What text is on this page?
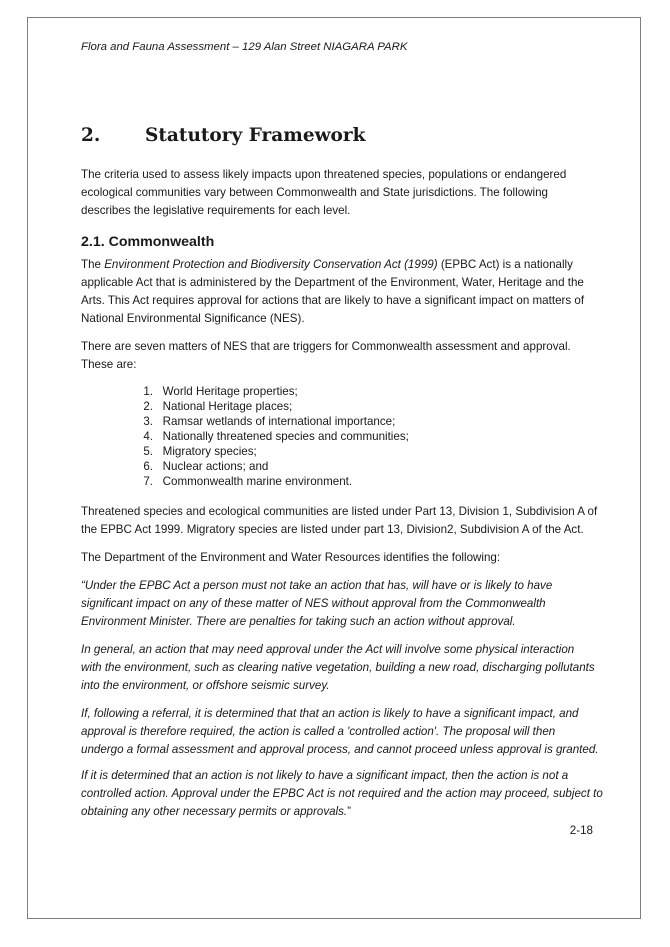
Flora and Fauna Assessment – 129 Alan Street NIAGARA PARK
2. Statutory Framework

The criteria used to assess likely impacts upon threatened species, populations or endangered
ecological communities vary between Commonwealth and State jurisdictions. The following
describes the legislative requirements for each level.

2.1. Commonwealth

The Environment Protection and Biodiversity Conservation Act (1999) (EPBC Act) is a nationally
applicable Act that is administered by the Department of the Environment, Water, Heritage and the
Arts. This Act requires approval for actions that are likely to have a significant impact on matters of
National Environmental Significance (NES).

There are seven matters of NES that are triggers for Commonwealth assessment and approval.
These are:

1. World Heritage properties;
2. National Heritage places;
3. Ramsar wetlands of international importance;
4. Nationally threatened species and communities;
5. Migratory species;
6. Nuclear actions; and
7. Commonwealth marine environment.

Threatened species and ecological communities are listed under Part 13, Division 1, Subdivision A of
the EPBC Act 1999. Migratory species are listed under part 13, Division2, Subdivision A of the Act.

The Department of the Environment and Water Resources identifies the following:

“Under the EPBC Act a person must not take an action that has, will have or is likely to have
significant impact on any of these matter of NES without approval from the Commonwealth
Environment Minister. There are penalties for taking such an action without approval.

In general, an action that may need approval under the Act will involve some physical interaction
with the environment, such as clearing native vegetation, building a new road, discharging pollutants
into the environment, or offshore seismic survey.

If, following a referral, it is determined that that an action is likely to have a significant impact, and
approval is therefore required, the action is called a 'controlled action'. The proposal will then
undergo a formal assessment and approval process, and cannot proceed unless approval is granted.

If it is determined that an action is not likely to have a significant impact, then the action is not a
controlled action. Approval under the EPBC Act is not required and the action may proceed, subject to
obtaining any other necessary permits or approvals.”

2-18
